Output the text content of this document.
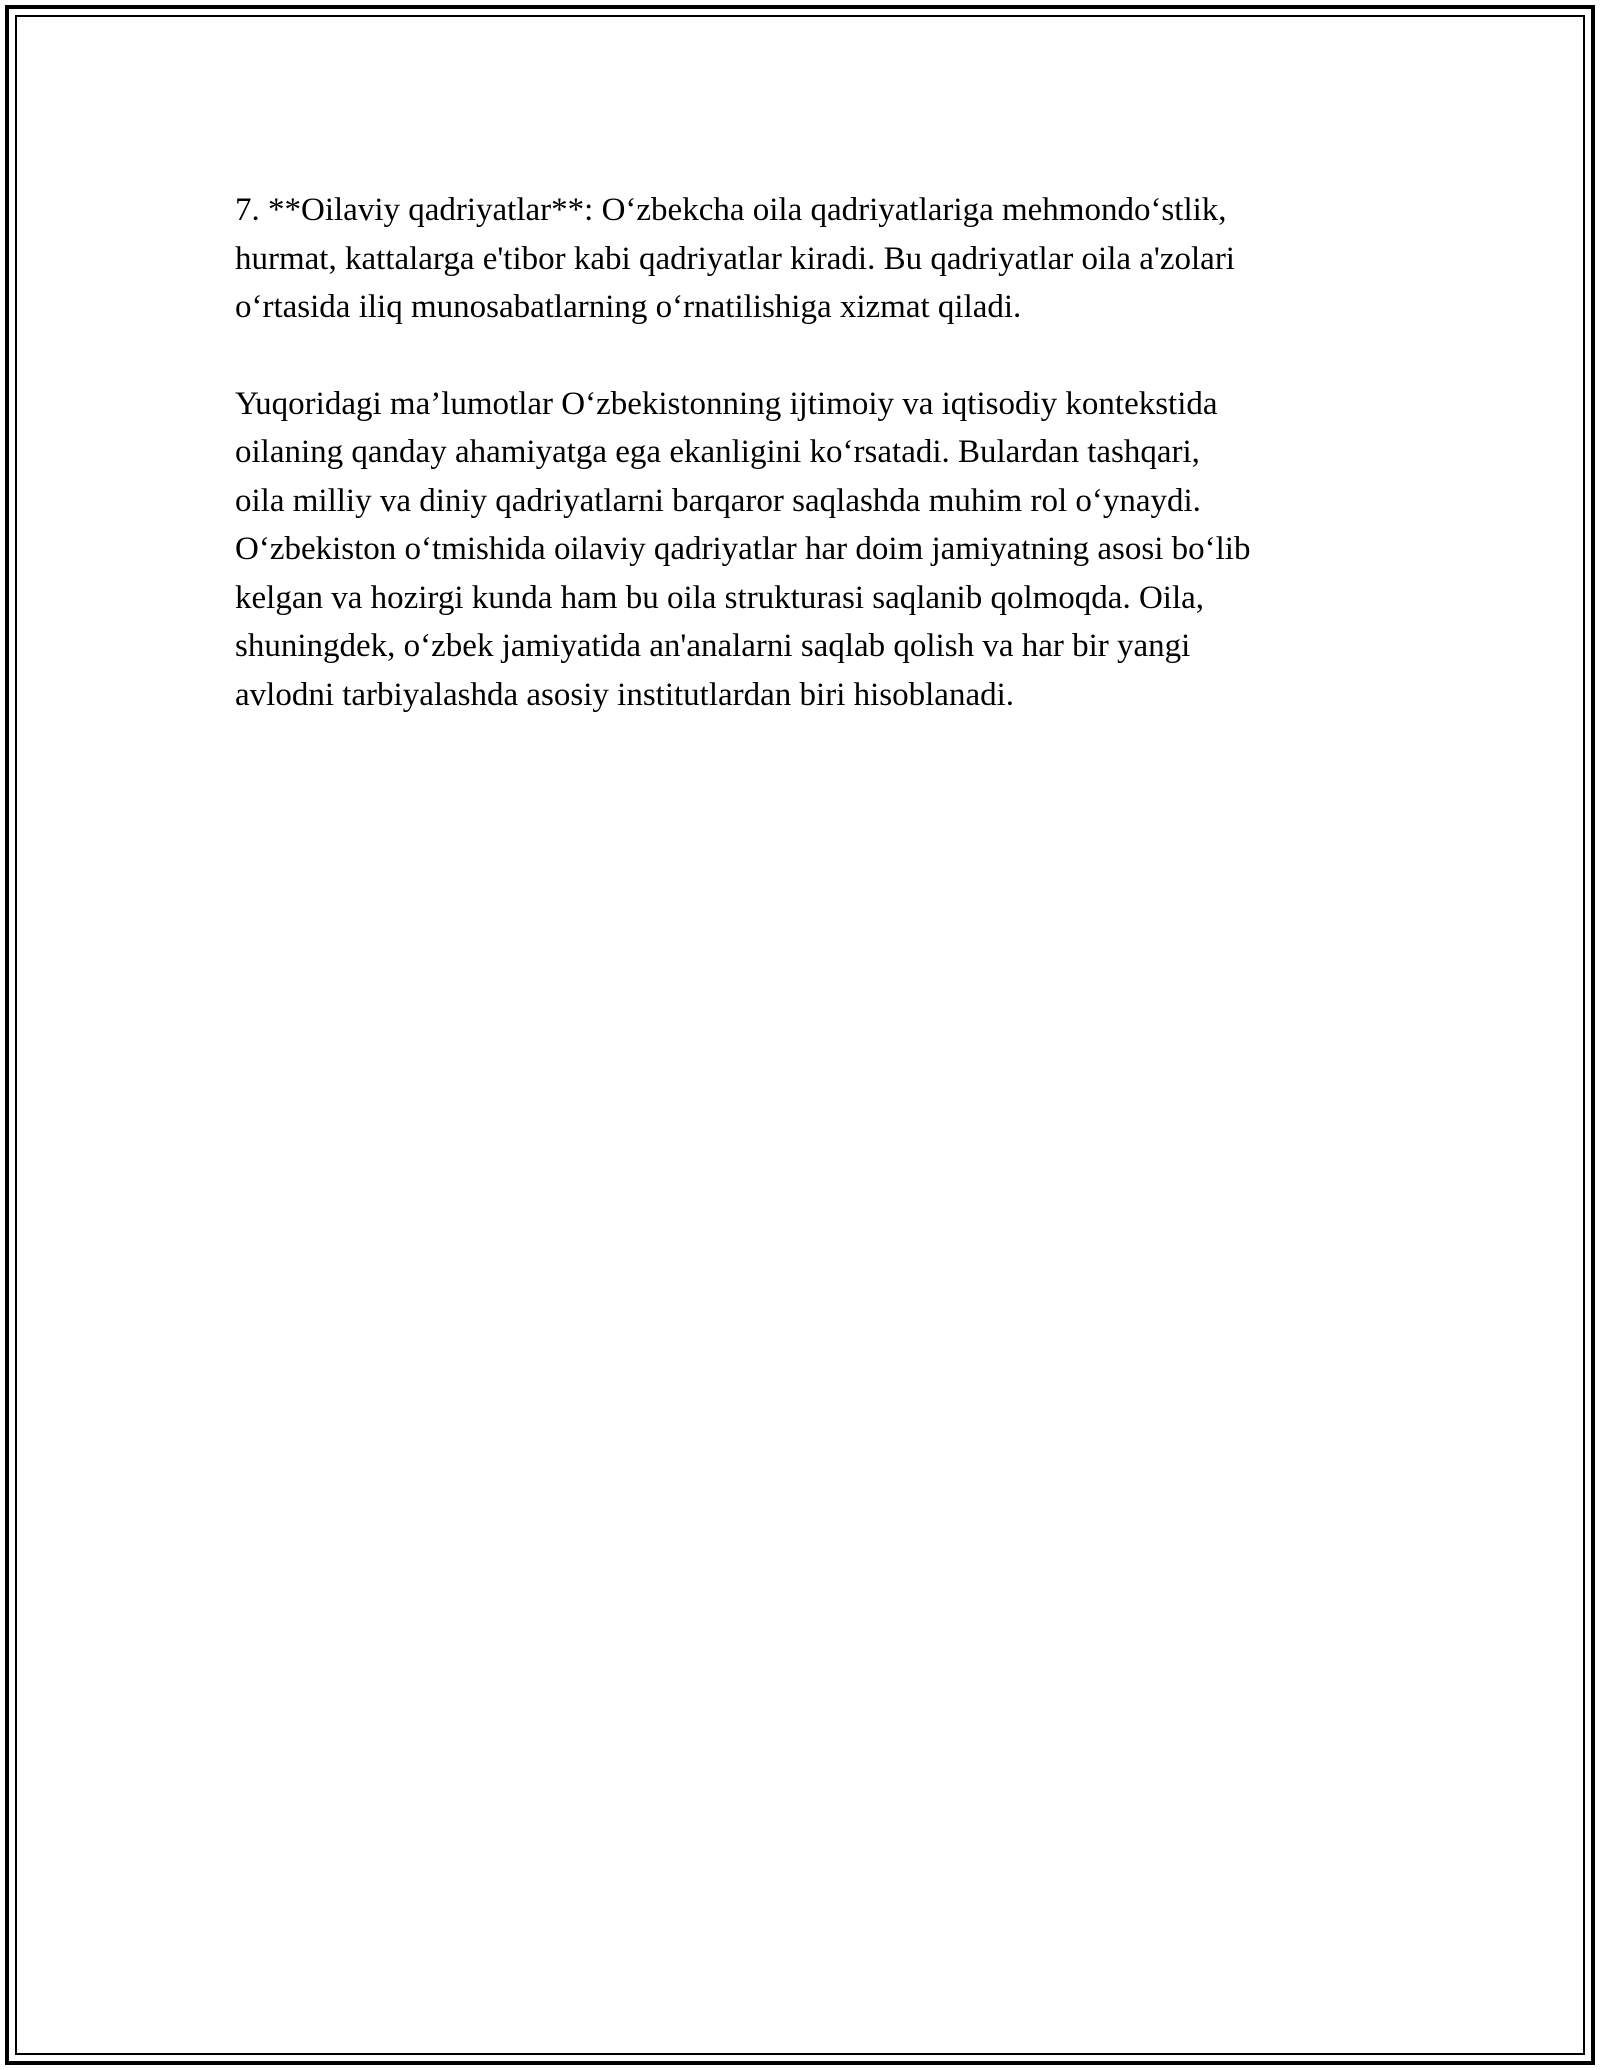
7. **Oilaviy qadriyatlar**: O‘zbekcha oila qadriyatlariga mehmondo‘stlik,
hurmat, kattalarga e'tibor kabi qadriyatlar kiradi. Bu qadriyatlar oila a'zolari
o‘rtasida iliq munosabatlarning o‘rnatilishiga xizmat qiladi.

Yuqoridagi ma’lumotlar O‘zbekistonning ijtimoiy va iqtisodiy kontekstida
oilaning qanday ahamiyatga ega ekanligini ko‘rsatadi. Bulardan tashqari,
oila milliy va diniy qadriyatlarni barqaror saqlashda muhim rol o‘ynaydi.
O‘zbekiston o‘tmishida oilaviy qadriyatlar har doim jamiyatning asosi bo‘lib
kelgan va hozirgi kunda ham bu oila strukturasi saqlanib qolmoqda. Oila,
shuningdek, o‘zbek jamiyatida an'analarni saqlab qolish va har bir yangi
avlodni tarbiyalashda asosiy institutlardan biri hisoblanadi.
